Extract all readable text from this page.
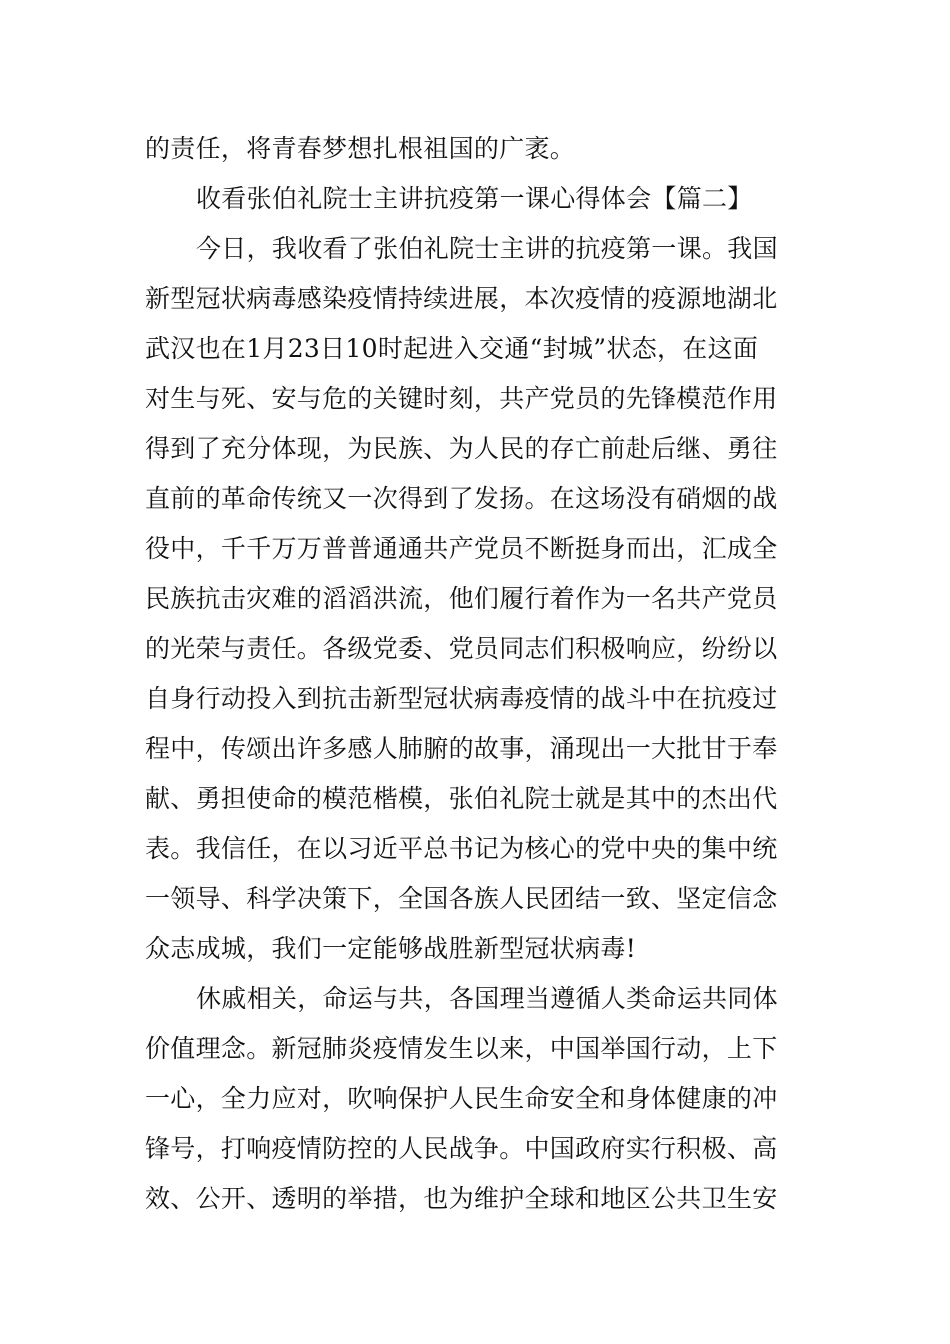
的责任，将青春梦想扎根祖国的广袤。
收看张伯礼院士主讲抗疫第一课心得体会【篇二】
今日，我收看了张伯礼院士主讲的抗疫第一课。我国
新型冠状病毒感染疫情持续进展，本次疫情的疫源地湖北
武汉也在1月23日10时起进入交通“封城”状态，在这面
对生与死、安与危的关键时刻，共产党员的先锋模范作用
得到了充分体现，为民族、为人民的存亡前赴后继、勇往
直前的革命传统又一次得到了发扬。在这场没有硝烟的战
役中，千千万万普普通通共产党员不断挺身而出，汇成全
民族抗击灾难的滔滔洪流，他们履行着作为一名共产党员
的光荣与责任。各级党委、党员同志们积极响应，纷纷以
自身行动投入到抗击新型冠状病毒疫情的战斗中在抗疫过
程中，传颂出许多感人肺腑的故事，涌现出一大批甘于奉
献、勇担使命的模范楷模，张伯礼院士就是其中的杰出代
表。我信任，在以习近平总书记为核心的党中央的集中统
一领导、科学决策下，全国各族人民团结一致、坚定信念
众志成城，我们一定能够战胜新型冠状病毒!
休戚相关，命运与共，各国理当遵循人类命运共同体
价值理念。新冠肺炎疫情发生以来，中国举国行动，上下
一心，全力应对，吹响保护人民生命安全和身体健康的冲
锋号，打响疫情防控的人民战争。中国政府实行积极、高
效、公开、透明的举措，也为维护全球和地区公共卫生安
